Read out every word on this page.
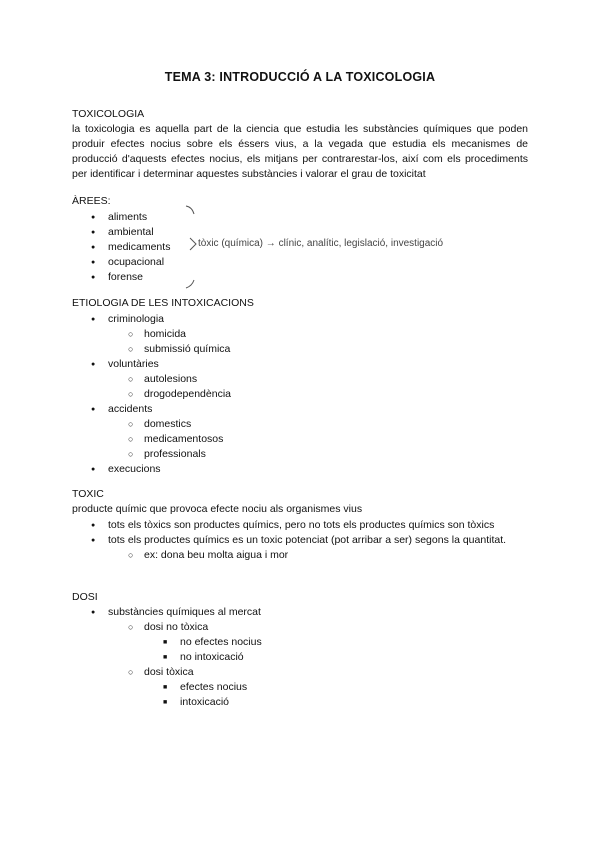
TEMA 3: INTRODUCCIÓ A LA TOXICOLOGIA
TOXICOLOGIA
la toxicologia es aquella part de la ciencia que estudia les substàncies químiques que poden produir efectes nocius sobre els éssers vius, a la vegada que estudia els mecanismes de producció d'aquests efectes nocius, els mitjans per contrarestar-los, així com els procediments per identificar i determinar aquestes substàncies i valorar el grau de toxicitat
ÀREES:
● aliments
● ambiental
● medicaments
● ocupacional
● forense
tòxic (química) → clínic, analític, legislació, investigació
ETIOLOGIA DE LES INTOXICACIONS
● criminologia
○ homicida
○ submissió química
● voluntàries
○ autolesions
○ drogodependència
● accidents
○ domestics
○ medicamentosos
○ professionals
● execucions
TOXIC
producte químic que provoca efecte nociu als organismes vius
● tots els tòxics son productes químics, pero no tots els productes químics son tòxics
● tots els productes químics es un toxic potenciat (pot arribar a ser) segons la quantitat.
○ ex: dona beu molta aigua i mor
DOSI
● substàncies químiques al mercat
○ dosi no tòxica
■ no efectes nocius
■ no intoxicació
○ dosi tòxica
■ efectes nocius
■ intoxicació
